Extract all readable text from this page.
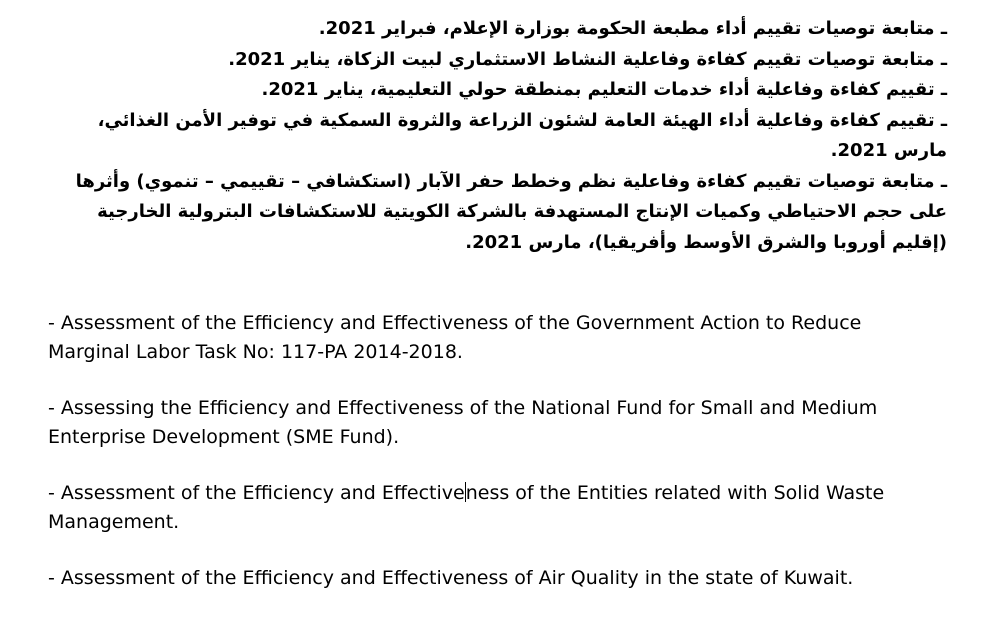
ـ متابعة توصيات تقييم أداء مطبعة الحكومة بوزارة الإعلام، فبراير 2021.

ـ متابعة توصيات تقييم كفاءة وفاعلية النشاط الاستثماري لبيت الزكاة، يناير 2021.

ـ تقييم كفاءة وفاعلية أداء خدمات التعليم بمنطقة حولي التعليمية، يناير 2021.

ـ تقييم كفاءة وفاعلية أداء الهيئة العامة لشئون الزراعة والثروة السمكية في توفير الأمن الغذائي، مارس 2021.

ـ متابعة توصيات تقييم كفاءة وفاعلية نظم وخطط حفر الآبار (استكشافي – تقييمي – تنموي) وأثرها على حجم الاحتياطي وكميات الإنتاج المستهدفة بالشركة الكويتية للاستكشافات البترولية الخارجية (إقليم أوروبا والشرق الأوسط وأفريقيا)، مارس 2021.

- Assessment of the Efficiency and Effectiveness of the Government Action to Reduce
Marginal Labor Task No: 117-PA 2014-2018.

- Assessing the Efficiency and Effectiveness of the National Fund for Small and Medium
Enterprise Development (SME Fund).

- Assessment of the Efficiency and Effectiveness of the Entities related with Solid Waste
Management.

- Assessment of the Efficiency and Effectiveness of Air Quality in the state of Kuwait.
